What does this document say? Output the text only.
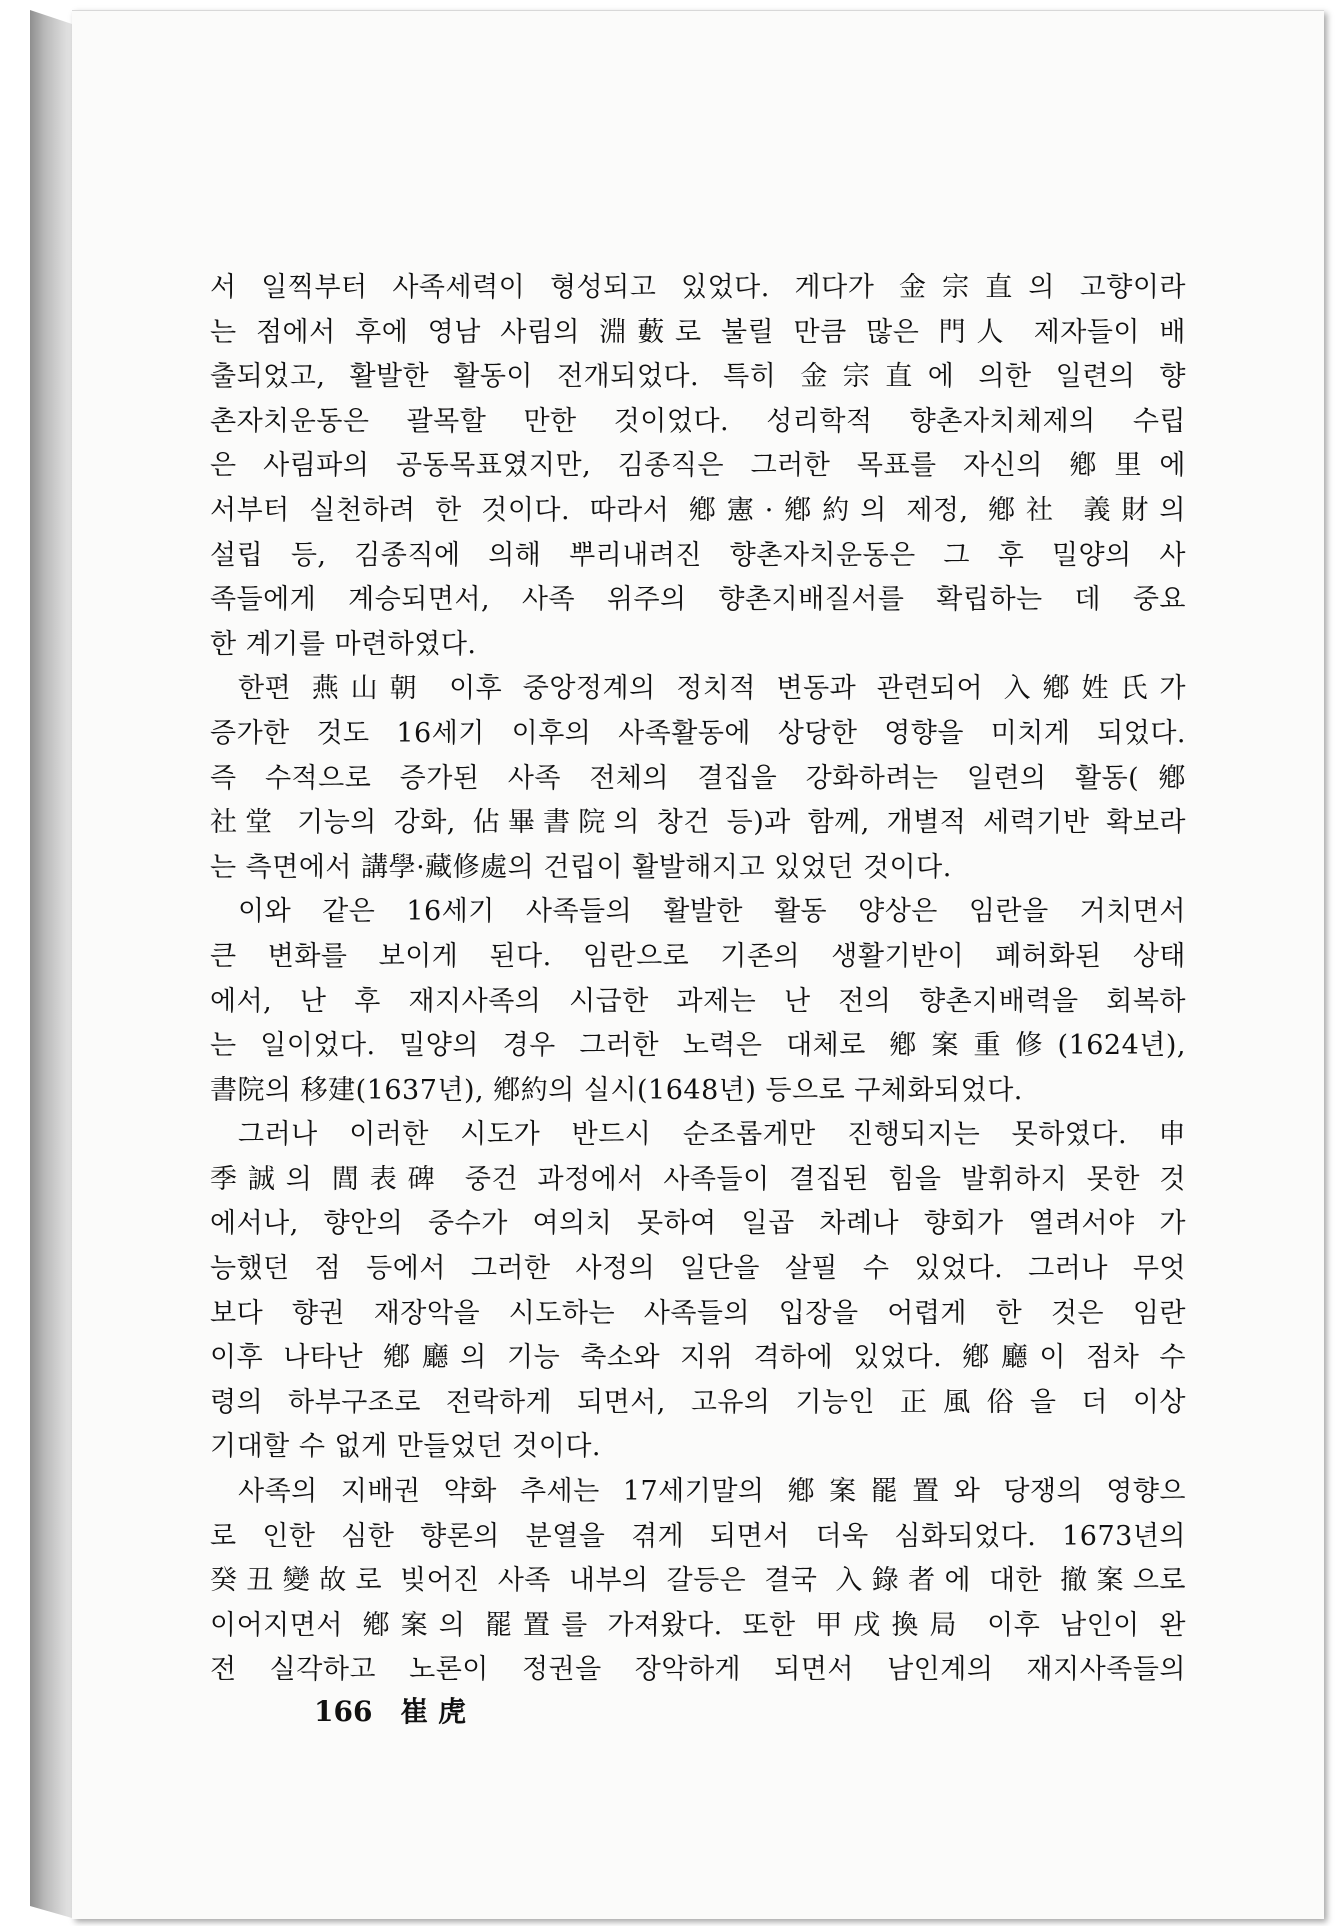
서 일찍부터 사족세력이 형성되고 있었다. 게다가 金宗直의 고향이라
는 점에서 후에 영남 사림의 淵藪로 불릴 만큼 많은 門人 제자들이 배
출되었고, 활발한 활동이 전개되었다. 특히 金宗直에 의한 일련의 향
촌자치운동은 괄목할 만한 것이었다. 성리학적 향촌자치체제의 수립
은 사림파의 공동목표였지만, 김종직은 그러한 목표를 자신의 鄕里에
서부터 실천하려 한 것이다. 따라서 鄕憲·鄕約의 제정, 鄕社 義財의
설립 등, 김종직에 의해 뿌리내려진 향촌자치운동은 그 후 밀양의 사
족들에게 계승되면서, 사족 위주의 향촌지배질서를 확립하는 데 중요
한 계기를 마련하였다.
한편 燕山朝 이후 중앙정계의 정치적 변동과 관련되어 入鄕姓氏가
증가한 것도 16세기 이후의 사족활동에 상당한 영향을 미치게 되었다.
즉 수적으로 증가된 사족 전체의 결집을 강화하려는 일련의 활동(鄕
社堂 기능의 강화, 佔畢書院의 창건 등)과 함께, 개별적 세력기반 확보라
는 측면에서 講學·藏修處의 건립이 활발해지고 있었던 것이다.
이와 같은 16세기 사족들의 활발한 활동 양상은 임란을 거치면서
큰 변화를 보이게 된다. 임란으로 기존의 생활기반이 폐허화된 상태
에서, 난 후 재지사족의 시급한 과제는 난 전의 향촌지배력을 회복하
는 일이었다. 밀양의 경우 그러한 노력은 대체로 鄕案重修(1624년),
書院의 移建(1637년), 鄕約의 실시(1648년) 등으로 구체화되었다.
그러나 이러한 시도가 반드시 순조롭게만 진행되지는 못하였다. 申
季誠의 閭表碑 중건 과정에서 사족들이 결집된 힘을 발휘하지 못한 것
에서나, 향안의 중수가 여의치 못하여 일곱 차례나 향회가 열려서야 가
능했던 점 등에서 그러한 사정의 일단을 살필 수 있었다. 그러나 무엇
보다 향권 재장악을 시도하는 사족들의 입장을 어렵게 한 것은 임란
이후 나타난 鄕廳의 기능 축소와 지위 격하에 있었다. 鄕廳이 점차 수
령의 하부구조로 전락하게 되면서, 고유의 기능인 正風俗을 더 이상
기대할 수 없게 만들었던 것이다.
사족의 지배권 약화 추세는 17세기말의 鄕案罷置와 당쟁의 영향으
로 인한 심한 향론의 분열을 겪게 되면서 더욱 심화되었다. 1673년의
癸丑變故로 빚어진 사족 내부의 갈등은 결국 入錄者에 대한 撤案으로
이어지면서 鄕案의 罷置를 가져왔다. 또한 甲戌換局 이후 남인이 완
전 실각하고 노론이 정권을 장악하게 되면서 남인계의 재지사족들의
166 崔 虎
